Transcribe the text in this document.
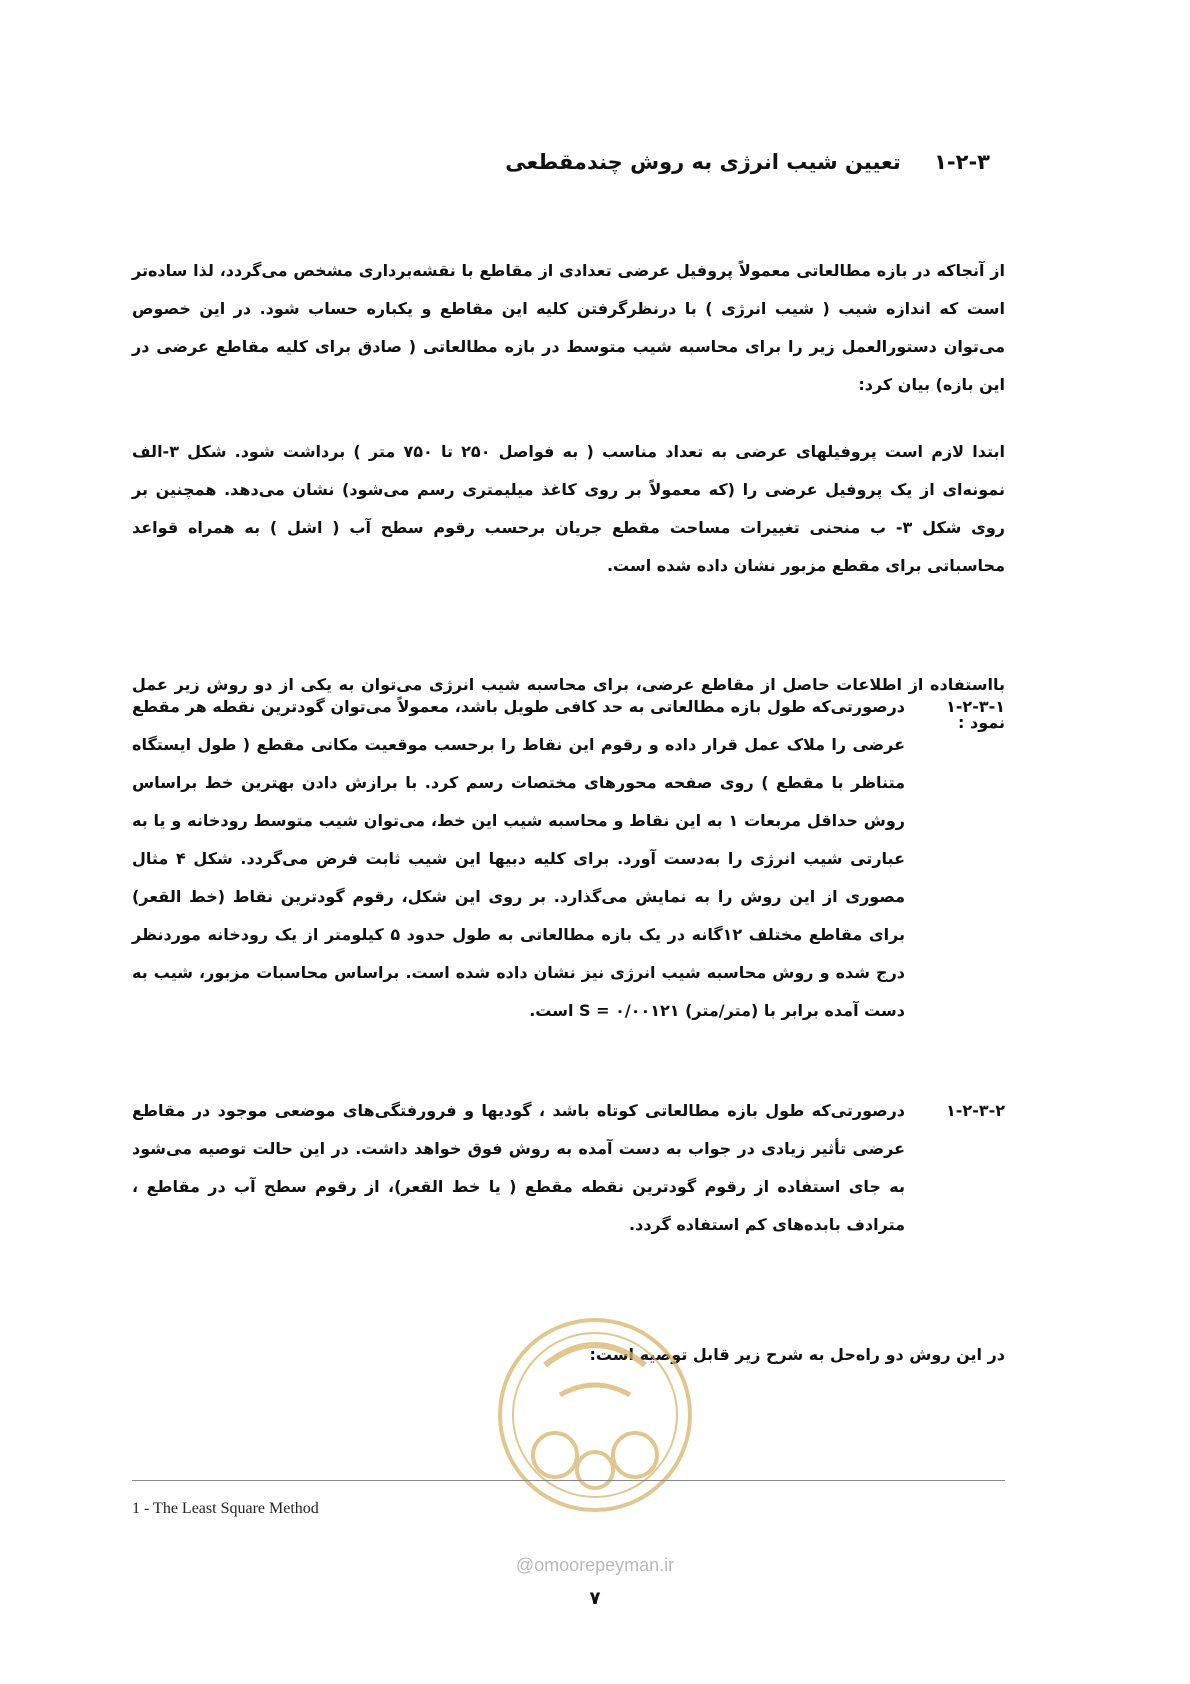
۱-۲-۳ تعیین شیب انرژی به روش چندمقطعی

از آنجاکه در بازه مطالعاتی معمولاً پروفیل عرضی تعدادی از مقاطع با نقشه‌برداری مشخص می‌گردد، لذا ساده‌تر است که اندازه شیب ( شیب انرژی ) با درنظرگرفتن کلیه این مقاطع و یکباره حساب شود. در این خصوص می‌توان دستورالعمل زیر را برای محاسبه شیب متوسط در بازه مطالعاتی ( صادق برای کلیه مقاطع عرضی در این بازه) بیان کرد:

ابتدا لازم است پروفیلهای عرضی به تعداد مناسب ( به فواصل ۲۵۰ تا ۷۵۰ متر ) برداشت شود. شکل ۳-الف نمونه‌ای از یک پروفیل عرضی را (که معمولاً بر روی کاغذ میلیمتری رسم می‌شود) نشان می‌دهد. همچنین بر روی شکل ۳- ب منحنی تغییرات مساحت مقطع جریان برحسب رقوم سطح آب ( اشل ) به همراه قواعد محاسباتی برای مقطع مزبور نشان داده شده است.

بااستفاده از اطلاعات حاصل از مقاطع عرضی، برای محاسبه شیب انرژی می‌توان به یکی از دو روش زیر عمل نمود :

۱-۲-۳-۱
درصورتی‌که طول بازه مطالعاتی به حد کافی طویل باشد، معمولاً می‌توان گودترین نقطه هر مقطع عرضی را ملاک عمل قرار داده و رقوم این نقاط را برحسب موقعیت مکانی مقطع ( طول ایستگاه متناظر با مقطع ) روی صفحه محورهای مختصات رسم کرد. با برازش دادن بهترین خط براساس روش حداقل مربعات ۱ به این نقاط و محاسبه شیب این خط، می‌توان شیب متوسط رودخانه و یا به عبارتی شیب انرژی را به‌دست آورد. برای کلیه دبیها این شیب ثابت فرض می‌گردد. شکل ۴ مثال مصوری از این روش را به نمایش می‌گذارد. بر روی این شکل، رقوم گودترین نقاط (خط القعر) برای مقاطع مختلف ۱۲گانه در یک بازه مطالعاتی به طول حدود ۵ کیلومتر از یک رودخانه موردنظر درج شده و روش محاسبه شیب انرژی نیز نشان داده شده است. براساس محاسبات مزبور، شیب به دست آمده برابر با (متر/متر) S = ۰/۰۰۱۲۱ است.
۱-۲-۳-۲
درصورتی‌که طول بازه مطالعاتی کوتاه باشد ، گودیها و فرورفتگی‌های موضعی موجود در مقاطع عرضی تأثیر زیادی در جواب به دست آمده به روش فوق خواهد داشت. در این حالت توصیه می‌شود به جای استفاده از رقوم گودترین نقطه مقطع ( یا خط القعر)، از رقوم سطح آب در مقاطع ، مترادف بابده‌های کم استفاده گردد.

در این روش دو راه‌حل به شرح زیر قابل توصیه است:

@omoorepeyman.ir
1 - The Least Square Method
۷
